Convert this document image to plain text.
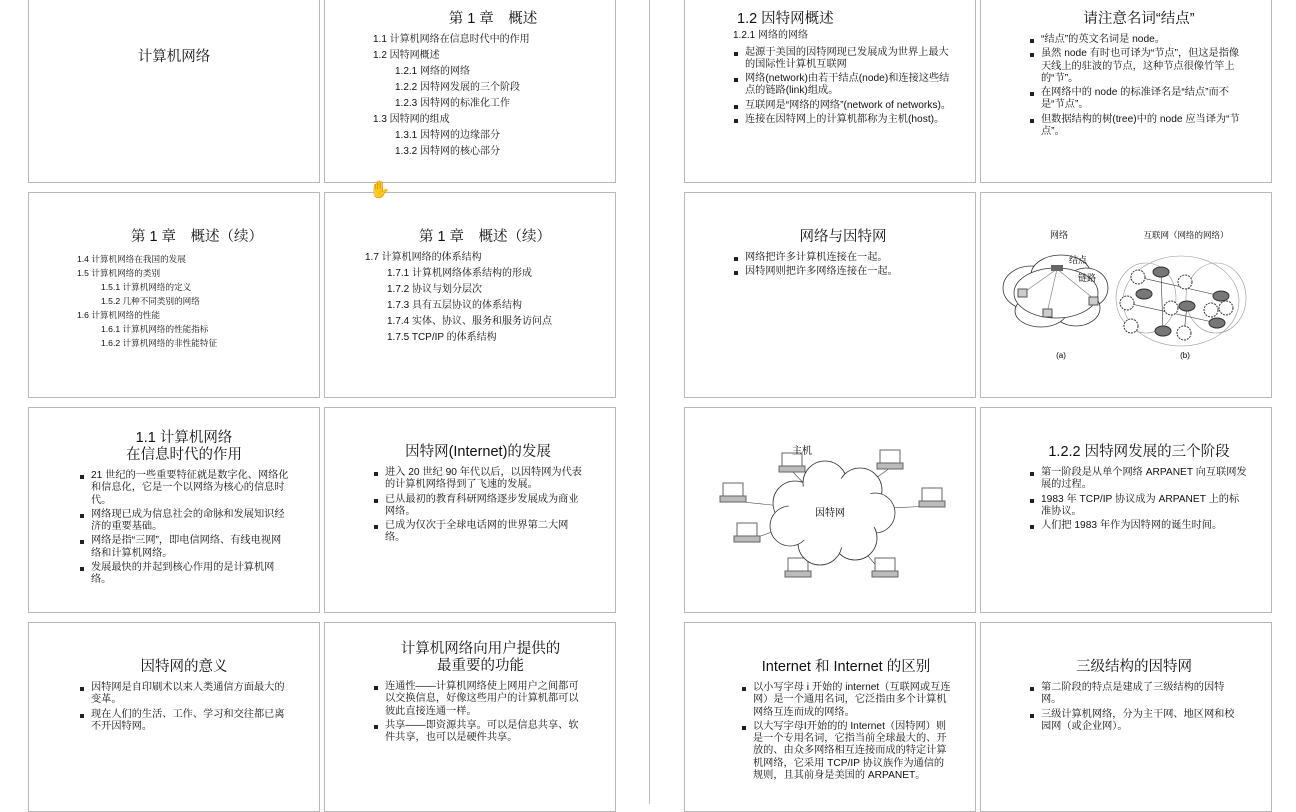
计算机网络
第 1 章　概述
1.1 计算机网络在信息时代中的作用
1.2 因特网概述
1.2.1 网络的网络
1.2.2 因特网发展的三个阶段
1.2.3 因特网的标准化工作
1.3 因特网的组成
1.3.1 因特网的边缘部分
1.3.2 因特网的核心部分
第 1 章　概述（续）
1.4 计算机网络在我国的发展
1.5 计算机网络的类别
1.5.1 计算机网络的定义
1.5.2 几种不同类别的网络
1.6 计算机网络的性能
1.6.1 计算机网络的性能指标
1.6.2 计算机网络的非性能特征
第 1 章　概述（续）
1.7 计算机网络的体系结构
1.7.1 计算机网络体系结构的形成
1.7.2 协议与划分层次
1.7.3 具有五层协议的体系结构
1.7.4 实体、协议、服务和服务访问点
1.7.5 TCP/IP 的体系结构
1.1 计算机网络
在信息时代的作用
21 世纪的一些重要特征就是数字化、网络化和信息化，它是一个以网络为核心的信息时代。
网络现已成为信息社会的命脉和发展知识经济的重要基础。
网络是指“三网”，即电信网络、有线电视网络和计算机网络。
发展最快的并起到核心作用的是计算机网络。
因特网(Internet)的发展
进入 20 世纪 90 年代以后，以因特网为代表的计算机网络得到了飞速的发展。
已从最初的教育科研网络逐步发展成为商业网络。
已成为仅次于全球电话网的世界第二大网络。
因特网的意义
因特网是自印刷术以来人类通信方面最大的变革。
现在人们的生活、工作、学习和交往都已离不开因特网。
计算机网络向用户提供的
最重要的功能
连通性——计算机网络使上网用户之间都可以交换信息，好像这些用户的计算机都可以彼此直接连通一样。
共享——即资源共享。可以是信息共享、软件共享，也可以是硬件共享。
1.2 因特网概述
1.2.1 网络的网络
起源于美国的因特网现已发展成为世界上最大的国际性计算机互联网
网络(network)由若干结点(node)和连接这些结点的链路(link)组成。
互联网是“网络的网络”(network of networks)。
连接在因特网上的计算机都称为主机(host)。
请注意名词“结点”
“结点”的英文名词是 node。
虽然 node 有时也可译为“节点”，但这是指像天线上的驻波的节点，这种节点很像竹竿上的“节”。
在网络中的 node 的标准译名是“结点”而不是“节点”。
但数据结构的树(tree)中的 node 应当译为“节点”。
网络与因特网
网络把许多计算机连接在一起。
因特网则把许多网络连接在一起。
网络	互联网（网络的网络）
结点
链路
(a)	(b)
主机
因特网
1.2.2 因特网发展的三个阶段
第一阶段是从单个网络 ARPANET 向互联网发展的过程。
1983 年 TCP/IP 协议成为 ARPANET 上的标准协议。
人们把 1983 年作为因特网的诞生时间。
Internet 和 Internet 的区别
以小写字母 i 开始的 internet（互联网或互连网）是一个通用名词，它泛指由多个计算机网络互连而成的网络。
以大写字母I开始的的 Internet（因特网）则是一个专用名词，它指当前全球最大的、开放的、由众多网络相互连接而成的特定计算机网络，它采用 TCP/IP 协议族作为通信的规则，且其前身是美国的 ARPANET。
三级结构的因特网
第二阶段的特点是建成了三级结构的因特网。
三级计算机网络，分为主干网、地区网和校园网（或企业网）。
✋
